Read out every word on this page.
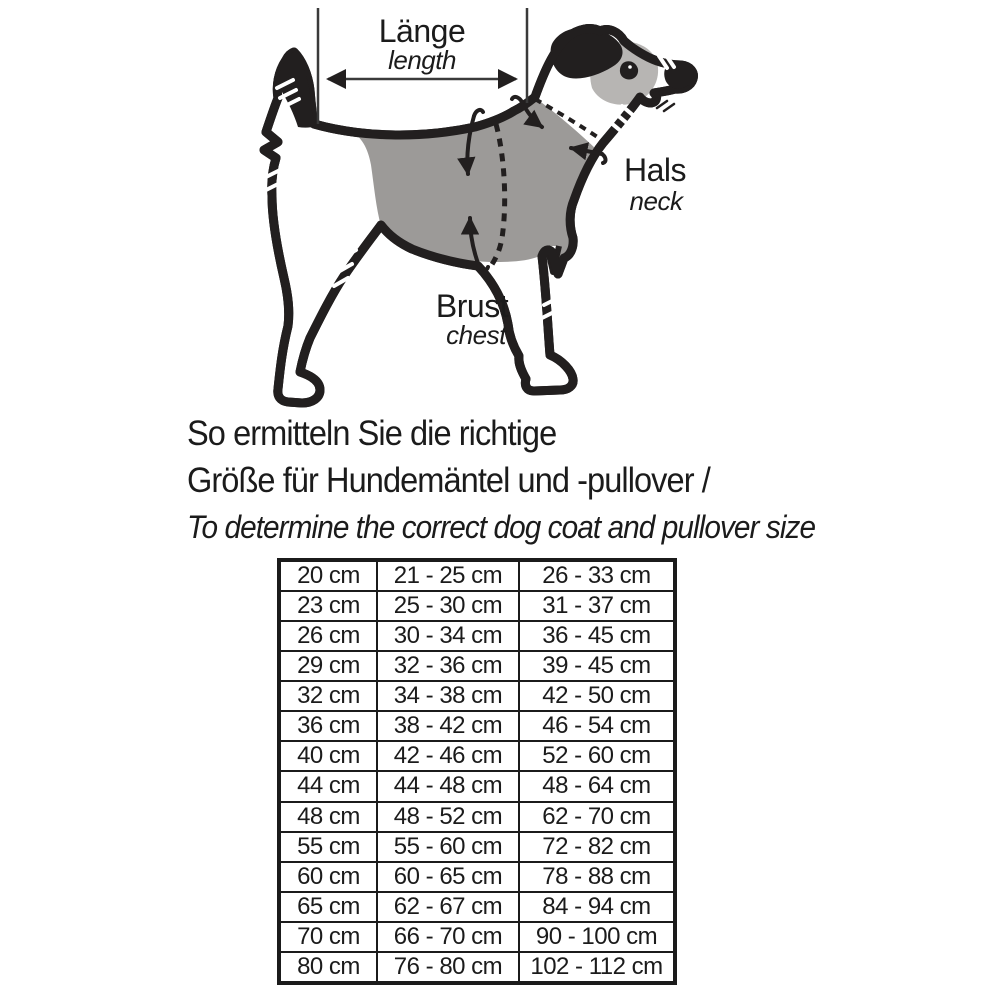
Länge
length
Hals
neck
Brust
chest
So ermitteln Sie die richtige
Größe für Hundemäntel und -pullover /
To determine the correct dog coat and pullover size
20 cm	21 - 25 cm	26 - 33 cm
23 cm	25 - 30 cm	31 - 37 cm
26 cm	30 - 34 cm	36 - 45 cm
29 cm	32 - 36 cm	39 - 45 cm
32 cm	34 - 38 cm	42 - 50 cm
36 cm	38 - 42 cm	46 - 54 cm
40 cm	42 - 46 cm	52 - 60 cm
44 cm	44 - 48 cm	48 - 64 cm
48 cm	48 - 52 cm	62 - 70 cm
55 cm	55 - 60 cm	72 - 82 cm
60 cm	60 - 65 cm	78 - 88 cm
65 cm	62 - 67 cm	84 - 94 cm
70 cm	66 - 70 cm	90 - 100 cm
80 cm	76 - 80 cm	102 - 112 cm
